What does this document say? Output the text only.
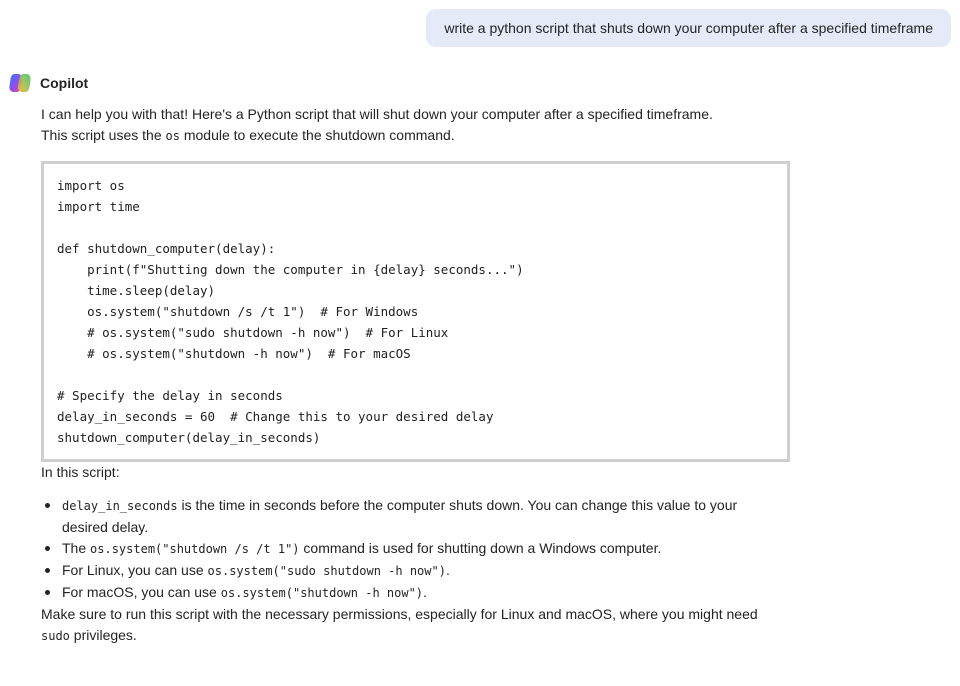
write a python script that shuts down your computer after a specified timeframe
Copilot

I can help you with that! Here's a Python script that will shut down your computer after a specified timeframe.
This script uses the os module to execute the shutdown command.

import os
import time
def shutdown_computer(delay):
print(f"Shutting down the computer in {delay} seconds...")
time.sleep(delay)
os.system("shutdown /s /t 1")  # For Windows
# os.system("sudo shutdown -h now")  # For Linux
# os.system("shutdown -h now")  # For macOS
# Specify the delay in seconds
delay_in_seconds = 60  # Change this to your desired delay
shutdown_computer(delay_in_seconds)

In this script:

delay_in_seconds is the time in seconds before the computer shuts down. You can change this value to your desired delay.
The os.system("shutdown /s /t 1") command is used for shutting down a Windows computer.
For Linux, you can use os.system("sudo shutdown -h now").
For macOS, you can use os.system("shutdown -h now").

Make sure to run this script with the necessary permissions, especially for Linux and macOS, where you might need sudo privileges.
